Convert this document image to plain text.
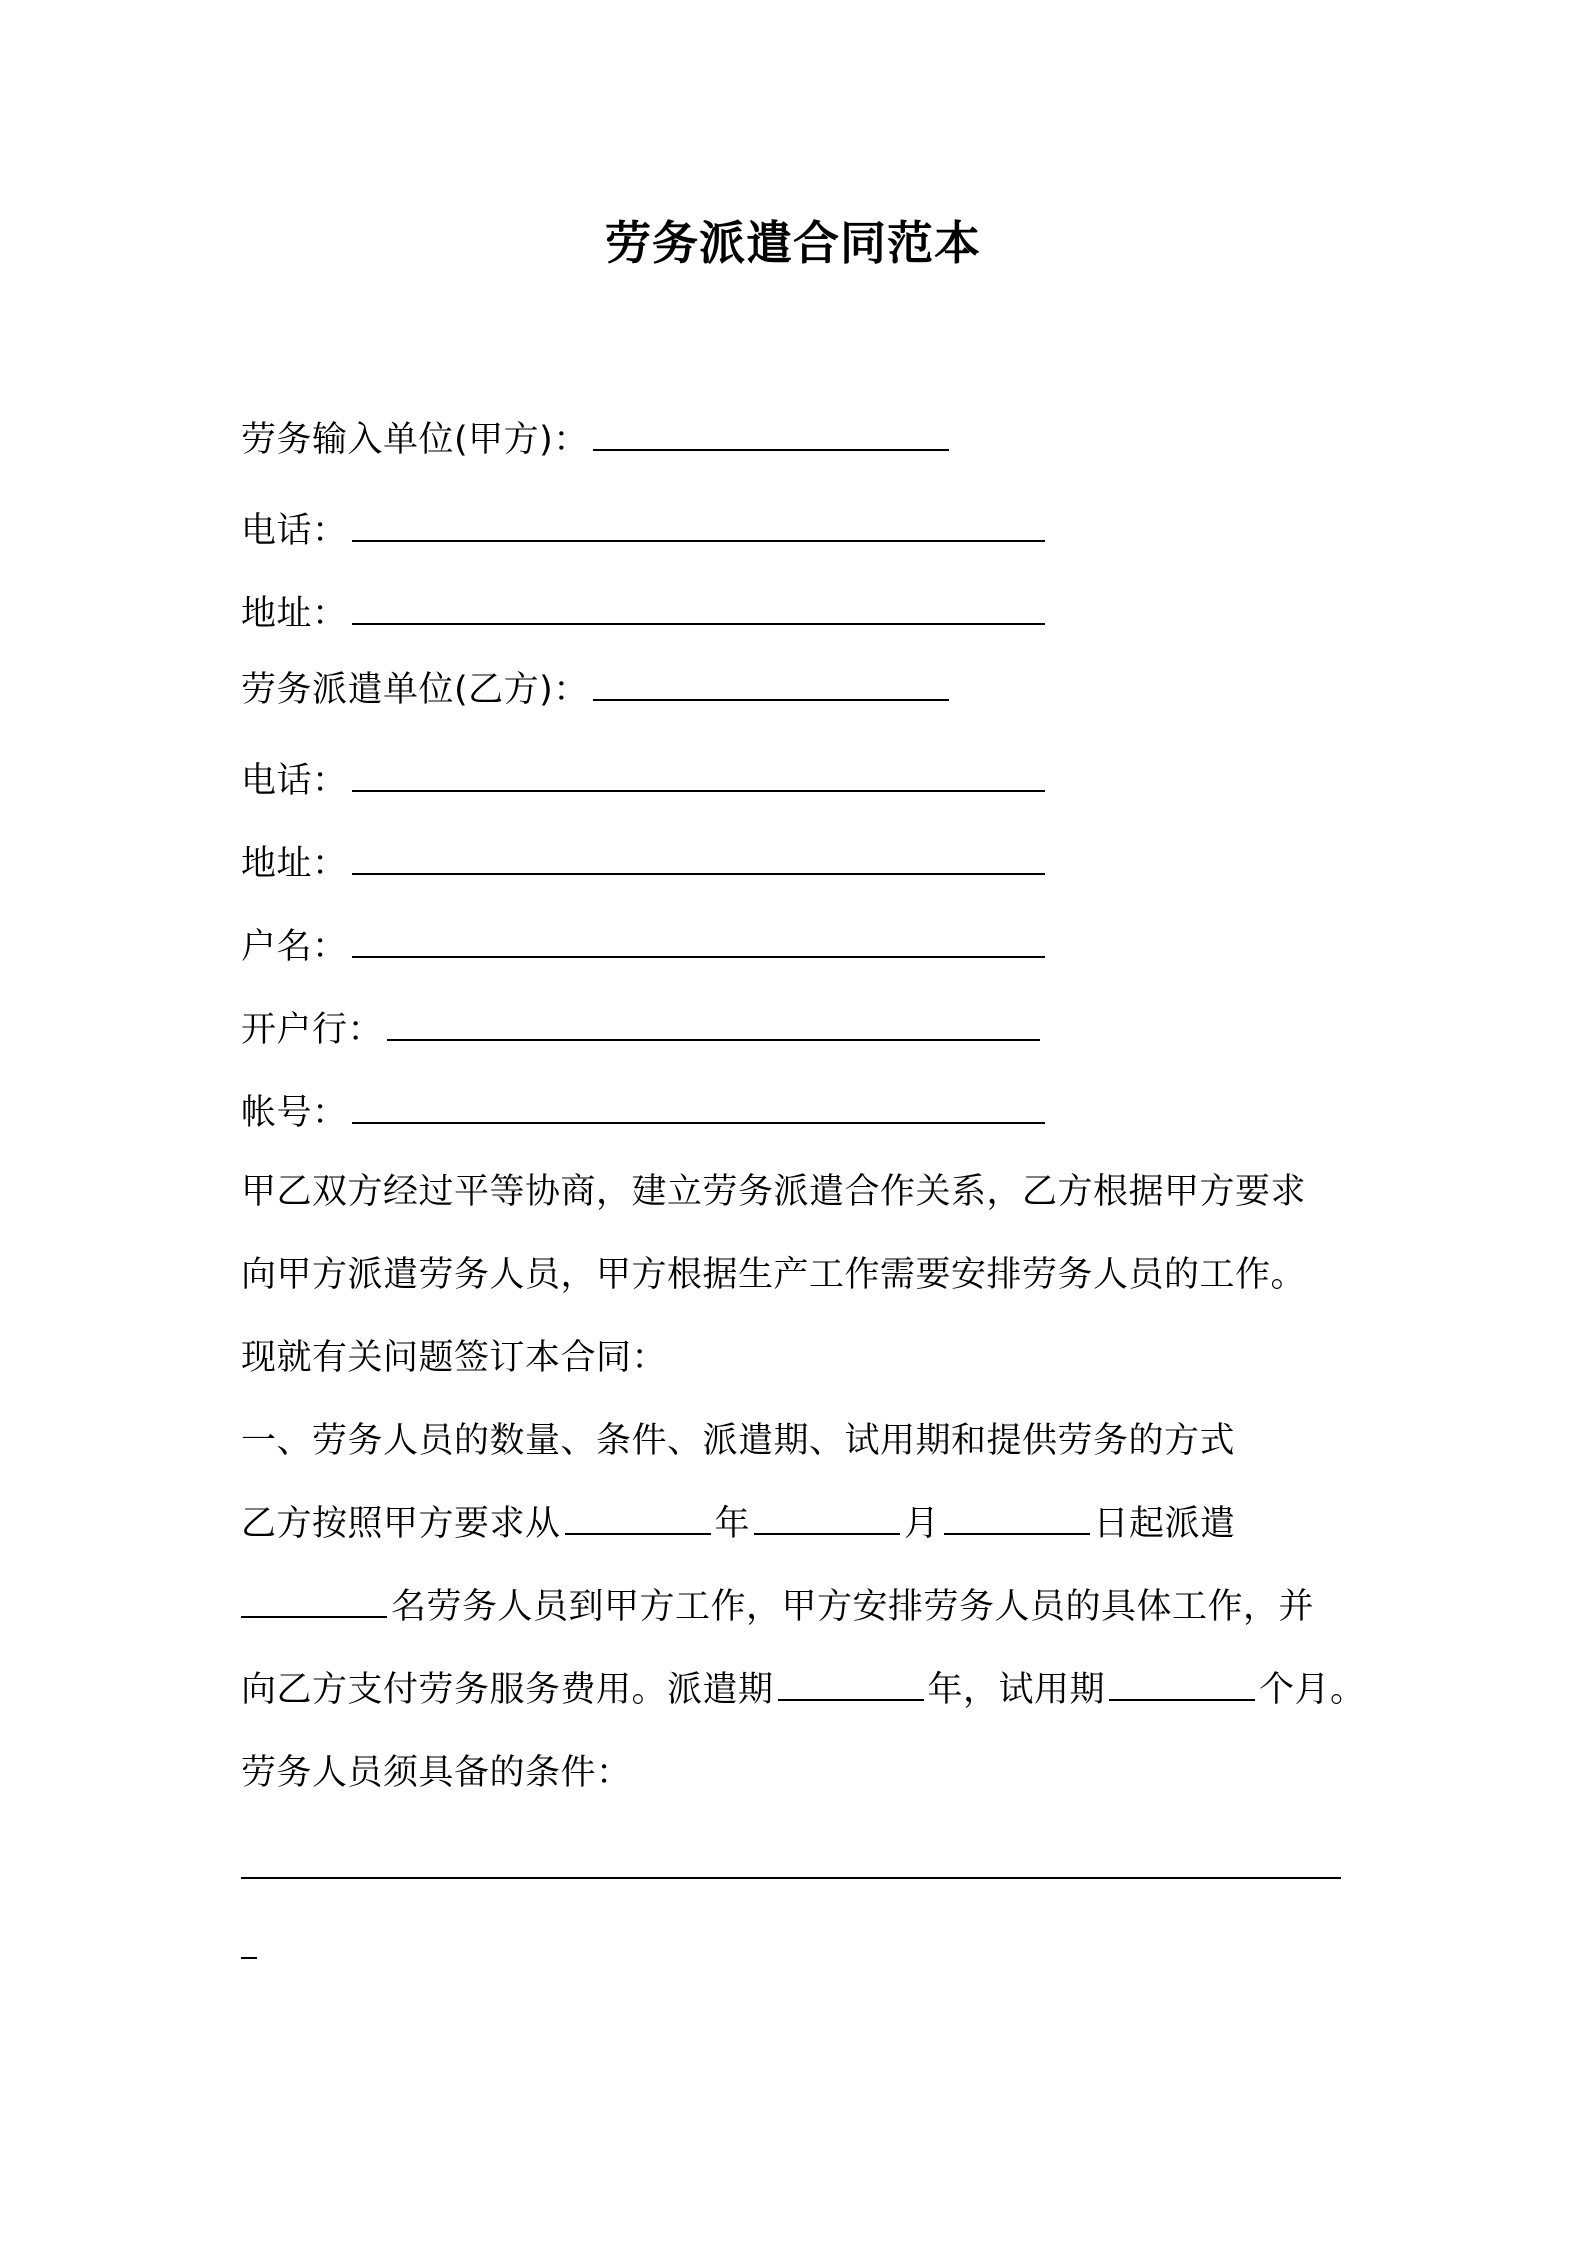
劳务派遣合同范本
劳务输入单位(甲方)：
电话：
地址：
劳务派遣单位(乙方)：
电话：
地址：
户名：
开户行：
帐号：
甲乙双方经过平等协商，建立劳务派遣合作关系，乙方根据甲方要求
向甲方派遣劳务人员，甲方根据生产工作需要安排劳务人员的工作。
现就有关问题签订本合同：
一、劳务人员的数量、条件、派遣期、试用期和提供劳务的方式
乙方按照甲方要求从	年	月	日起派遣
名劳务人员到甲方工作，甲方安排劳务人员的具体工作，并
向乙方支付劳务服务费用。派遣期	年，试用期	个月。
劳务人员须具备的条件：
